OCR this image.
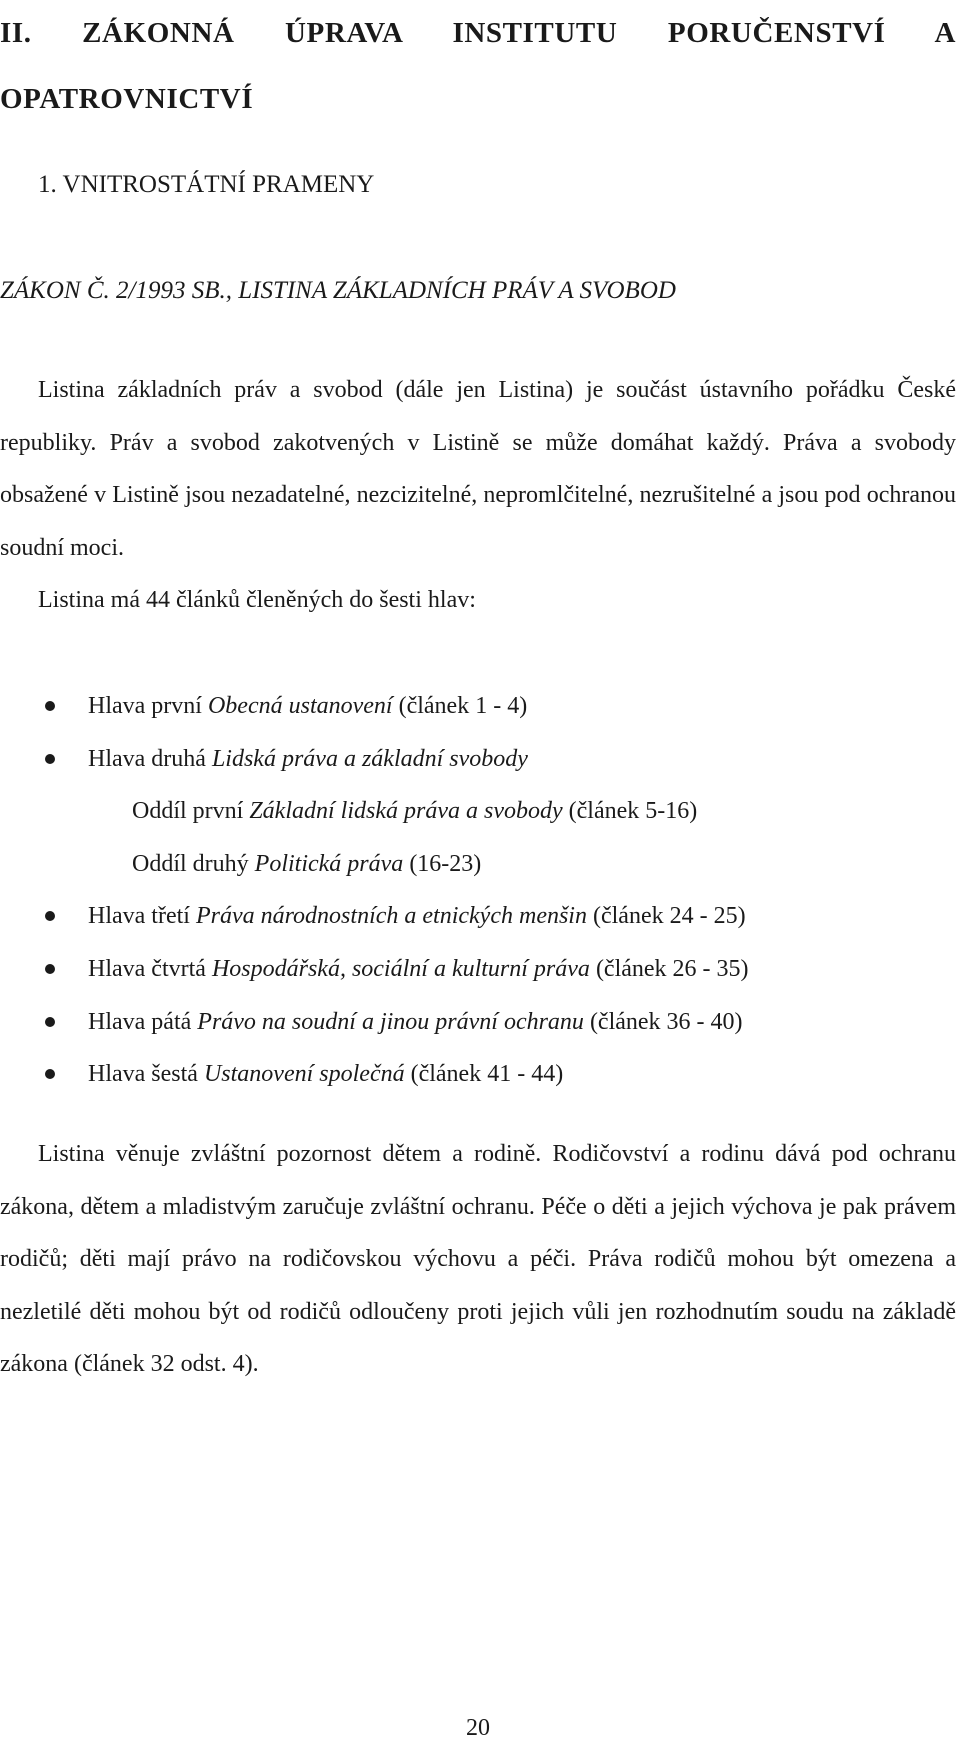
II. ZÁKONNÁ ÚPRAVA INSTITUTU PORUČENSTVÍ A OPATROVNICTVÍ
1. VNITROSTÁTNÍ PRAMENY
ZÁKON Č. 2/1993 SB., LISTINA ZÁKLADNÍCH PRÁV A SVOBOD

Listina základních práv a svobod (dále jen Listina) je součást ústavního pořádku České republiky. Práv a svobod zakotvených v Listině se může domáhat každý. Práva a svobody obsažené v Listině jsou nezadatelné, nezcizitelné, nepromlčitelné, nezrušitelné a jsou pod ochranou soudní moci.

Listina má 44 článků členěných do šesti hlav:

Hlava první Obecná ustanovení (článek 1 - 4)
Hlava druhá Lidská práva a základní svobody
Oddíl první Základní lidská práva a svobody (článek 5-16)
Oddíl druhý Politická práva (16-23)
Hlava třetí Práva národnostních a etnických menšin (článek 24 - 25)
Hlava čtvrtá Hospodářská, sociální a kulturní práva (článek 26 - 35)
Hlava pátá Právo na soudní a jinou právní ochranu (článek 36 - 40)
Hlava šestá Ustanovení společná (článek 41 - 44)

Listina věnuje zvláštní pozornost dětem a rodině. Rodičovství a rodinu dává pod ochranu zákona, dětem a mladistvým zaručuje zvláštní ochranu. Péče o děti a jejich výchova je pak právem rodičů; děti mají právo na rodičovskou výchovu a péči. Práva rodičů mohou být omezena a nezletilé děti mohou být od rodičů odloučeny proti jejich vůli jen rozhodnutím soudu na základě zákona (článek 32 odst. 4).

20
